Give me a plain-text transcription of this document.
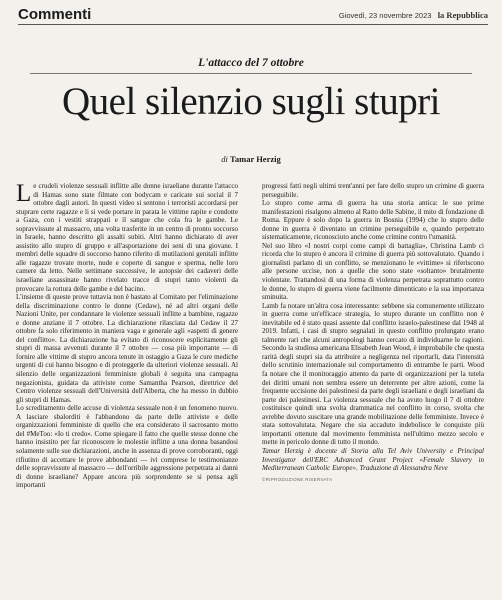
Commenti	Giovedì, 23 novembre 2023 la Repubblica
L'attacco del 7 ottobre
Quel silenzio sugli stupri
di Tamar Herzig

Le crudeli violenze sessuali inflitte alle donne israeliane durante l'attacco di Hamas sono state filmate con bodycam e caricate sui social il 7 ottobre dagli autori. In questi video si sentono i terroristi accordarsi per stuprare certe ragazze e li si vede portare in parata le vittime rapite e condotte a Gaza, con i vestiti strappati e il sangue che cola fra le gambe. Le sopravvissute al massacro, una volta trasferite in un centro di pronto soccorso in Israele, hanno descritto gli assalti subiti. Altri hanno dichiarato di aver assistito allo stupro di gruppo e all'asportazione dei seni di una giovane. I membri delle squadre di soccorso hanno riferito di mutilazioni genitali inflitte alle ragazze trovate morte, nude e coperte di sangue e sperma, nelle loro camere da letto. Nelle settimane successive, le autopsie dei cadaveri delle israeliane assassinate hanno rivelato tracce di stupri tanto violenti da provocare la rottura delle gambe e del bacino.

L'insieme di queste prove tuttavia non è bastato al Comitato per l'eliminazione della discriminazione contro le donne (Cedaw), né ad altri organi delle Nazioni Unite, per condannare le violenze sessuali inflitte a bambine, ragazze e donne anziane il 7 ottobre. La dichiarazione rilasciata dal Cedaw il 27 ottobre fa solo riferimento in maniera vaga e generale agli «aspetti di genere del conflitto». La dichiarazione ha evitato di riconoscere esplicitamente gli stupri di massa avvenuti durante il 7 ottobre — cosa più importante — di fornire alle vittime di stupro ancora tenute in ostaggio a Gaza le cure mediche urgenti di cui hanno bisogno e di proteggerle da ulteriori violenze sessuali. Al silenzio delle organizzazioni femministe globali è seguita una campagna negazionista, guidata da attiviste come Samantha Pearson, direttrice del Centro violenze sessuali dell'Università dell'Alberta, che ha messo in dubbio gli stupri di Hamas.

Lo screditamento delle accuse di violenza sessuale non è un fenomeno nuovo. A lasciare sbalorditi è l'abbandono da parte delle attiviste e delle organizzazioni femministe di quello che era considerato il sacrosanto motto del #MeToo: «Io ti credo». Come spiegare il fatto che quelle stesse donne che hanno insistito per far riconoscere le molestie inflitte a una donna basandosi solamente sulle sue dichiarazioni, anche in assenza di prove corroboranti, oggi rifiutino di accettare le prove abbondanti — ivi comprese le testimonianze delle sopravvissute al massacro — dell'orribile aggressione perpetrata ai danni di donne israeliane? Appare ancora più sorprendente se si pensa agli importanti

progressi fatti negli ultimi trent'anni per fare dello stupro un crimine di guerra perseguibile.

Lo stupro come arma di guerra ha una storia antica: le sue prime manifestazioni risalgono almeno al Ratto delle Sabine, il mito di fondazione di Roma. Eppure è solo dopo la guerra in Bosnia (1994) che lo stupro delle donne in guerra è diventato un crimine perseguibile e, quando perpetrato sistematicamente, riconosciuto anche come crimine contro l'umanità.

Nel suo libro «I nostri corpi come campi di battaglia», Christina Lamb ci ricorda che lo stupro è ancora il crimine di guerra più sottovalutato. Quando i giornalisti parlano di un conflitto, se menzionano le «vittime» si riferiscono alle persone uccise, non a quelle che sono state «soltanto» brutalmente violentate. Trattandosi di una forma di violenza perpetrata soprattutto contro le donne, lo stupro di guerra viene facilmente dimenticato e la sua importanza sminuita.

Lamb fa notare un'altra cosa interessante: sebbene sia comunemente utilizzato in guerra come un'efficace strategia, lo stupro durante un conflitto non è inevitabile ed è stato quasi assente dal conflitto israelo-palestinese dal 1948 al 2019. Infatti, i casi di stupro segnalati in questo conflitto prolungato erano talmente rari che alcuni antropologi hanno cercato di individuarne le ragioni. Secondo la studiosa americana Elisabeth Jean Wood, è improbabile che questa rarità degli stupri sia da attribuire a negligenza nel riportarli, data l'intensità dello scrutinio internazionale sul comportamento di entrambe le parti. Wood fa notare che il monitoraggio attento da parte di organizzazioni per la tutela dei diritti umani non sembra essere un deterrente per altre azioni, come la frequente uccisione dei palestinesi da parte degli israeliani e degli israeliani da parte dei palestinesi. La violenza sessuale che ha avuto luogo il 7 di ottobre costituisce quindi una svolta drammatica nel conflitto in corso, svolta che avrebbe dovuto suscitare una grande mobilitazione delle femministe. Invece è stata sottovalutata. Negare che sia accaduto indebolisce le conquiste più importanti ottenute dal movimento femminista nell'ultimo mezzo secolo e mette in pericolo donne di tutto il mondo.

Tamar Herzig è docente di Storia alla Tel Aviv University e Principal Investigator dell'ERC Advanced Grant Project «Female Slavery in Mediterranean Catholic Europe». Traduzione di Alessandra Neve

©RIPRODUZIONE RISERVATA
